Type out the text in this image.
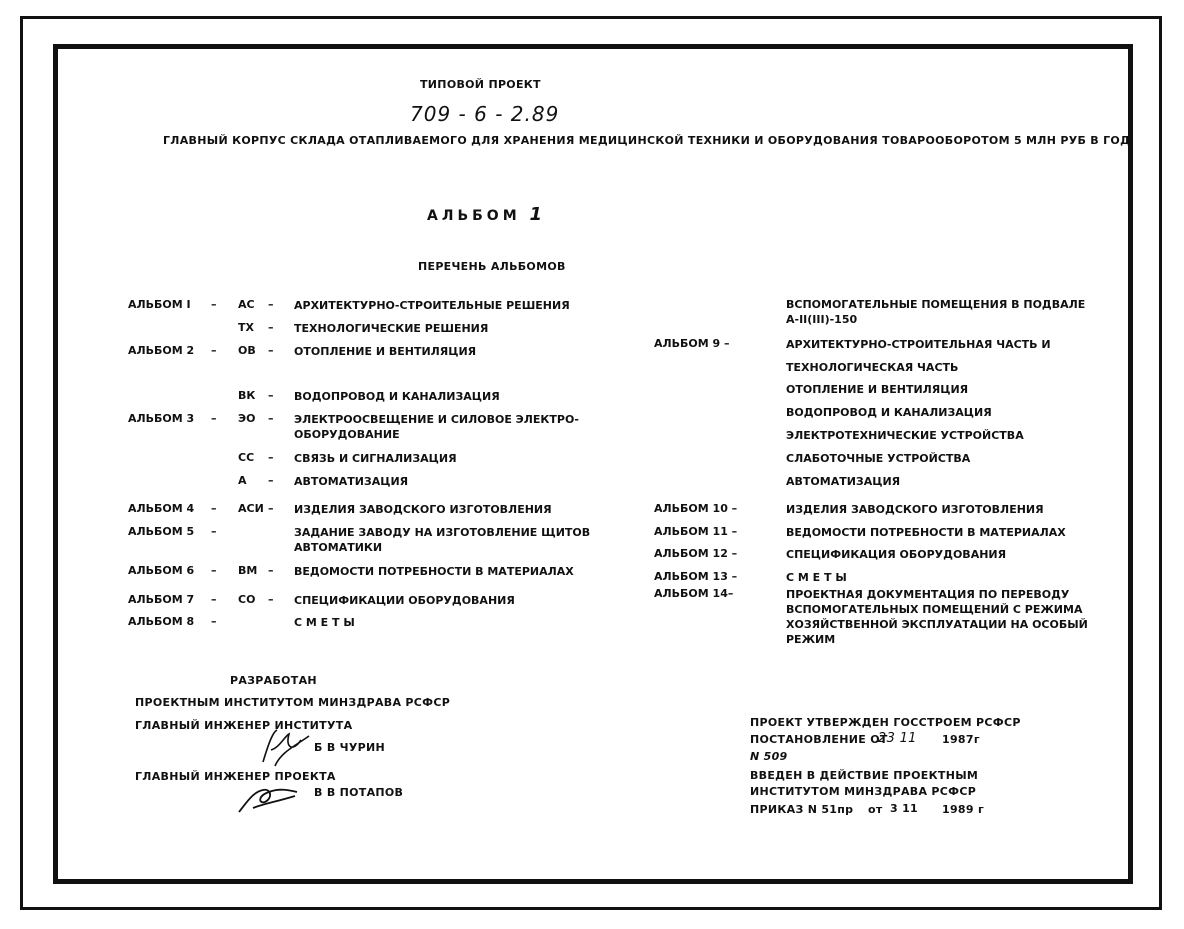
ТИПОВОЙ ПРОЕКТ
709 - 6 - 2.89
ГЛАВНЫЙ КОРПУС СКЛАДА ОТАПЛИВАЕМОГО ДЛЯ ХРАНЕНИЯ МЕДИЦИНСКОЙ ТЕХНИКИ И ОБОРУДОВАНИЯ ТОВАРООБОРОТОМ 5 МЛН РУБ В ГОД
АЛЬБОМ 1
ПЕРЕЧЕНЬ АЛЬБОМОВ
АЛЬБОМ I – АС – АРХИТЕКТУРНО-СТРОИТЕЛЬНЫЕ РЕШЕНИЯ
ТХ – ТЕХНОЛОГИЧЕСКИЕ РЕШЕНИЯ
АЛЬБОМ 2 – ОВ – ОТОПЛЕНИЕ И ВЕНТИЛЯЦИЯ
ВК – ВОДОПРОВОД И КАНАЛИЗАЦИЯ
АЛЬБОМ 3 – ЭО – ЭЛЕКТРООСВЕЩЕНИЕ И СИЛОВОЕ ЭЛЕКТРО-
ОБОРУДОВАНИЕ
СС – СВЯЗЬ И СИГНАЛИЗАЦИЯ
А – АВТОМАТИЗАЦИЯ
АЛЬБОМ 4 – АСИ – ИЗДЕЛИЯ ЗАВОДСКОГО ИЗГОТОВЛЕНИЯ
АЛЬБОМ 5 –	ЗАДАНИЕ ЗАВОДУ НА ИЗГОТОВЛЕНИЕ ЩИТОВ
АВТОМАТИКИ
АЛЬБОМ 6 – ВМ – ВЕДОМОСТИ ПОТРЕБНОСТИ В МАТЕРИАЛАХ
АЛЬБОМ 7 – СО – СПЕЦИФИКАЦИИ ОБОРУДОВАНИЯ
АЛЬБОМ 8 –	С М Е Т Ы
ВСПОМОГАТЕЛЬНЫЕ ПОМЕЩЕНИЯ В ПОДВАЛЕ
А-II(III)-150
АЛЬБОМ 9 –	АРХИТЕКТУРНО-СТРОИТЕЛЬНАЯ ЧАСТЬ И
ТЕХНОЛОГИЧЕСКАЯ ЧАСТЬ
ОТОПЛЕНИЕ И ВЕНТИЛЯЦИЯ
ВОДОПРОВОД И КАНАЛИЗАЦИЯ
ЭЛЕКТРОТЕХНИЧЕСКИЕ УСТРОЙСТВА
СЛАБОТОЧНЫЕ УСТРОЙСТВА
АВТОМАТИЗАЦИЯ
АЛЬБОМ 10 –	ИЗДЕЛИЯ ЗАВОДСКОГО ИЗГОТОВЛЕНИЯ
АЛЬБОМ 11 –	ВЕДОМОСТИ ПОТРЕБНОСТИ В МАТЕРИАЛАХ
АЛЬБОМ 12 –	СПЕЦИФИКАЦИЯ ОБОРУДОВАНИЯ
АЛЬБОМ 13 –	С М Е Т Ы
АЛЬБОМ 14–	ПРОЕКТНАЯ ДОКУМЕНТАЦИЯ ПО ПЕРЕВОДУ
ВСПОМОГАТЕЛЬНЫХ ПОМЕЩЕНИЙ С РЕЖИМА
ХОЗЯЙСТВЕННОЙ ЭКСПЛУАТАЦИИ НА ОСОБЫЙ
РЕЖИМ
РАЗРАБОТАН
ПРОЕКТНЫМ ИНСТИТУТОМ МИНЗДРАВА РСФСР
ГЛАВНЫЙ ИНЖЕНЕР ИНСТИТУТА
Б В ЧУРИН
ГЛАВНЫЙ ИНЖЕНЕР ПРОЕКТА
В В ПОТАПОВ
ПРОЕКТ УТВЕРЖДЕН ГОССТРОЕМ РСФСР
ПОСТАНОВЛЕНИЕ ОТ
23 11 1987г
N 509
ВВЕДЕН В ДЕЙСТВИЕ ПРОЕКТНЫМ
ИНСТИТУТОМ МИНЗДРАВА РСФСР
ПРИКАЗ N 51пр от 3 11 1989 г
